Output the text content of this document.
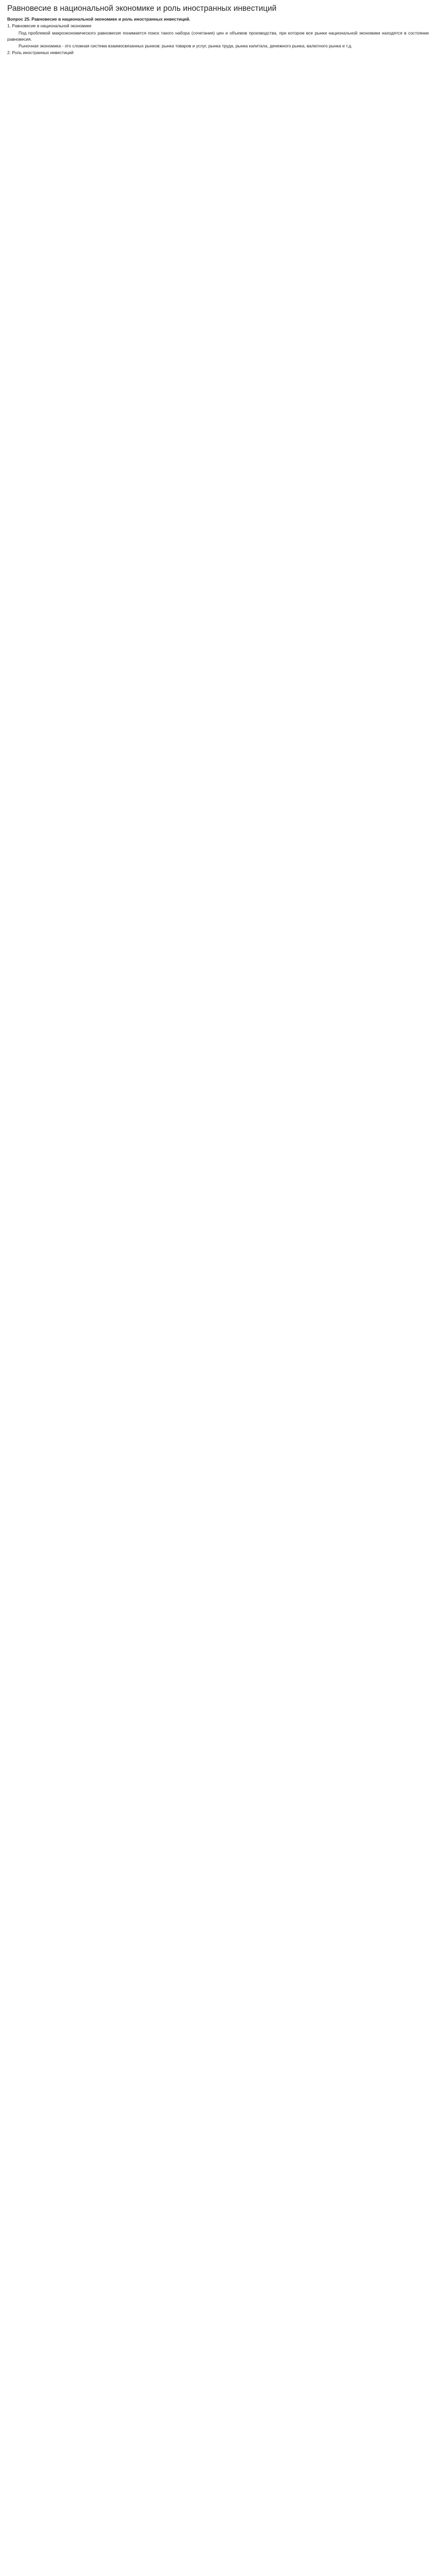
Равновесие в национальной экономике и роль иностранных инвестиций
Вопрос 25. Равновесие в национальной экономике и роль иностранных инвестиций.
1. Равновесие в национальной экономике
Под проблемой макроэкономического равновесия понимается поиск такого набора (сочетания) цен и объемов производства, при котором все рынки национальной экономики находятся в состоянии равновесия.
Рыночная экономика - это сложная система взаимосвязанных рынков: рынка товаров и услуг, рынка труда, рынка капитала, денежного рынка, валютного рынка и т.д.
2. Роль иностранных инвестиций
